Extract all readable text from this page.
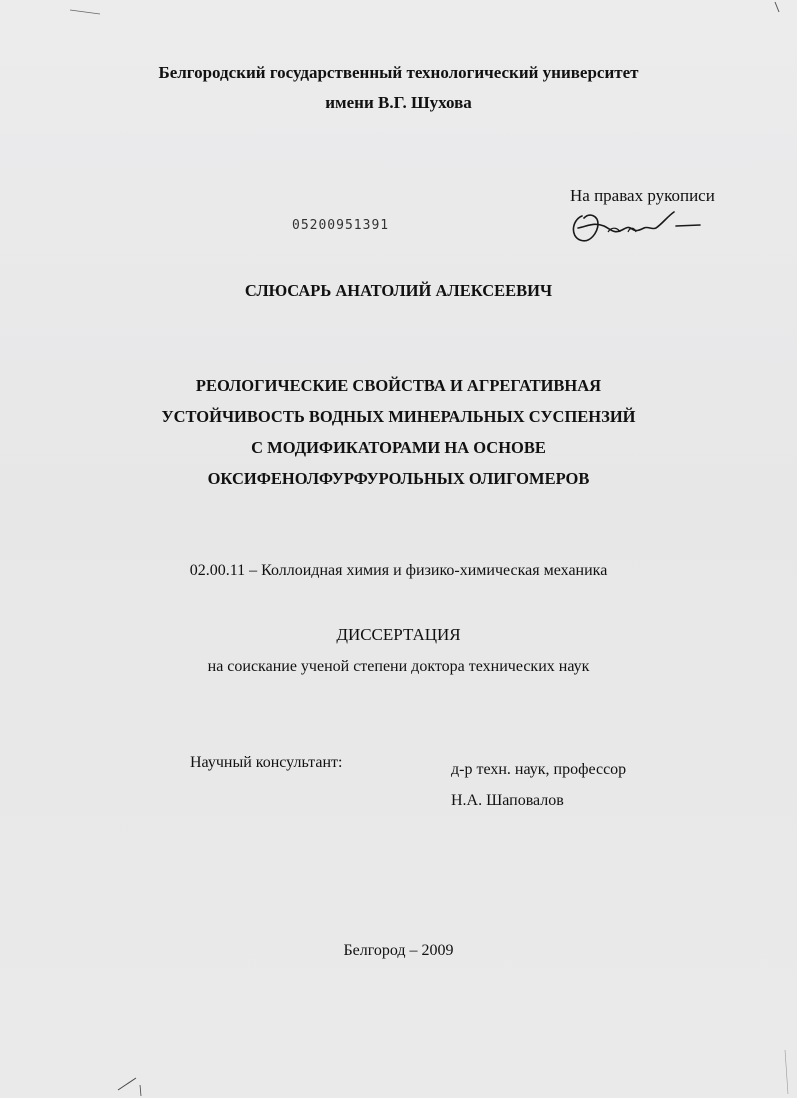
Белгородский государственный технологический университет
имени В.Г. Шухова
На правах рукописи
05200951391
СЛЮСАРЬ АНАТОЛИЙ АЛЕКСЕЕВИЧ
РЕОЛОГИЧЕСКИЕ СВОЙСТВА И АГРЕГАТИВНАЯ
УСТОЙЧИВОСТЬ ВОДНЫХ МИНЕРАЛЬНЫХ СУСПЕНЗИЙ
С МОДИФИКАТОРАМИ НА ОСНОВЕ
ОКСИФЕНОЛФУРФУРОЛЬНЫХ ОЛИГОМЕРОВ
02.00.11 – Коллоидная химия и физико-химическая механика
ДИССЕРТАЦИЯ
на соискание ученой степени доктора технических наук
Научный консультант:	д-р техн. наук, профессор
Н.А. Шаповалов
Белгород – 2009
